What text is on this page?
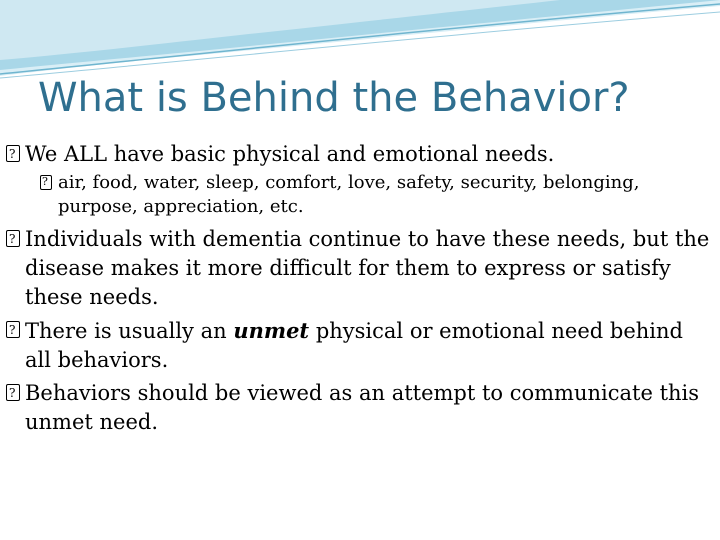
What is Behind the Behavior?
?
We ALL have basic physical and emotional needs.
?
air, food, water, sleep, comfort, love, safety, security, belonging, purpose, appreciation, etc.
?
Individuals with dementia continue to have these needs, but the disease makes it more difficult for them to express or satisfy these needs.
?
There is usually an unmet physical or emotional need behind all behaviors.
?
Behaviors should be viewed as an attempt to communicate this unmet need.
